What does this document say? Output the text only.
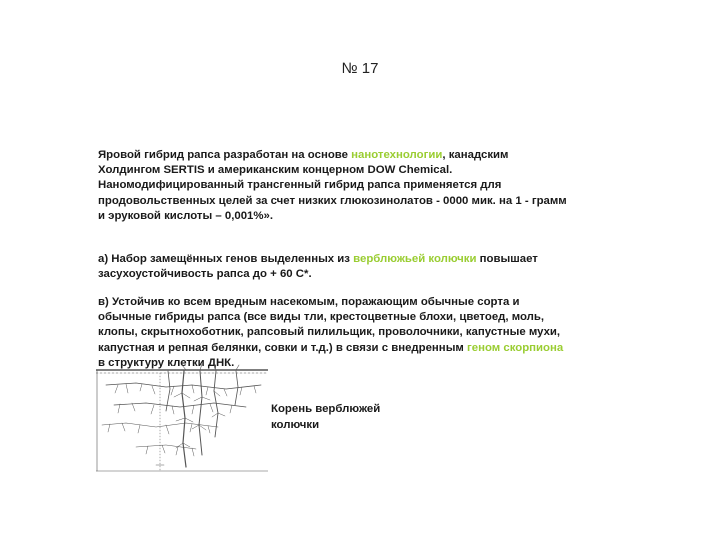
№ 17

Яровой гибрид рапса разработан на основе нанотехнологии, канадским Холдингом SERTIS и американским концерном DOW Chemical. Наномодифицированный трансгенный гибрид рапса применяется для продовольственных целей за счет низких глюкозинолатов - 0000 мик. на 1 - грамм и эруковой кислоты – 0,001%».

а) Набор замещённых генов выделенных из верблюжьей колючки повышает засухоустойчивость рапса до + 60 С*.

в) Устойчив ко всем вредным насекомым, поражающим обычные сорта и обычные гибриды рапса (все виды тли, крестоцветные блохи, цветоед, моль, клопы, скрытнохоботник, рапсовый пилильщик, проволочники, капустные мухи, капустная и репная белянки, совки и т.д.) в связи с внедренным геном скорпиона в структуру клетки ДНК.

Корень верблюжей колючки
